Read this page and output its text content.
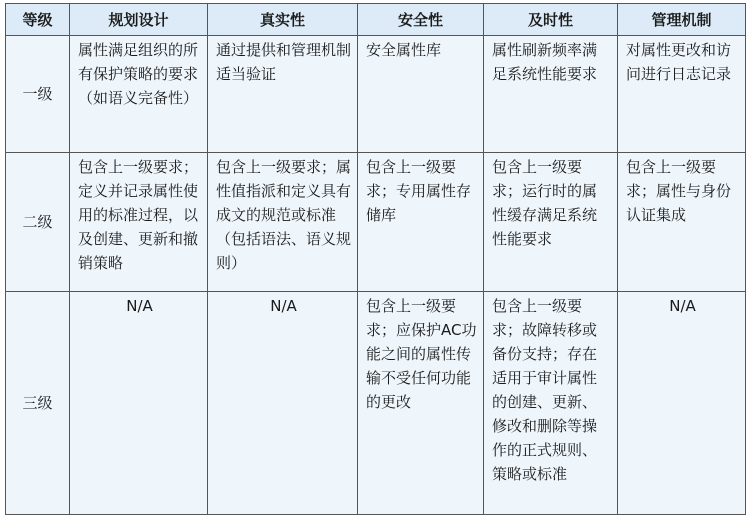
等级	规划设计	真实性	安全性	及时性	管理机制
一级	属性满足组织的所有保护策略的要求（如语义完备性）	通过提供和管理机制适当验证	安全属性库	属性刷新频率满足系统性能要求	对属性更改和访问进行日志记录
二级	包含上一级要求；定义并记录属性使用的标准过程，以及创建、更新和撤销策略	包含上一级要求；属性值指派和定义具有成文的规范或标准（包括语法、语义规则）	包含上一级要求；专用属性存储库	包含上一级要求；运行时的属性缓存满足系统性能要求	包含上一级要求；属性与身份认证集成
三级	N/A	N/A	包含上一级要求；应保护AC功能之间的属性传输不受任何功能的更改	包含上一级要求；故障转移或备份支持；存在适用于审计属性的创建、更新、修改和删除等操作的正式规则、策略或标准	N/A
